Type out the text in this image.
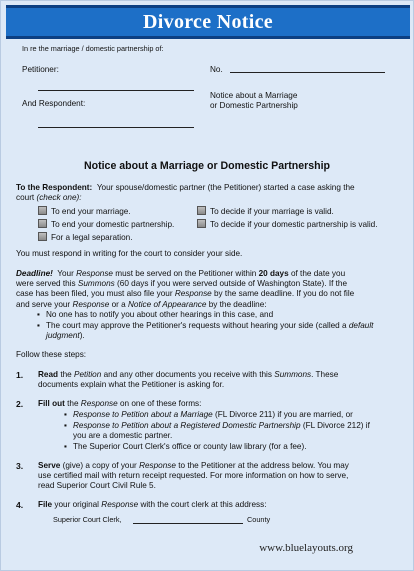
Divorce Notice
In re the marriage / domestic partnership of:
Petitioner:
And Respondent:
No.
Notice about a Marriage
or Domestic Partnership
Notice about a Marriage or Domestic Partnership
To the Respondent: Your spouse/domestic partner (the Petitioner) started a case asking the
court (check one):
To end your marriage.
To end your domestic partnership.
For a legal separation.
To decide if your marriage is valid.
To decide if your domestic partnership is valid.
You must respond in writing for the court to consider your side.
Deadline! Your Response must be served on the Petitioner within 20 days of the date you
were served this Summons (60 days if you were served outside of Washington State). If the
case has been filed, you must also file your Response by the same deadline. If you do not file
and serve your Response or a Notice of Appearance by the deadline:
▪ No one has to notify you about other hearings in this case, and
▪ The court may approve the Petitioner's requests without hearing your side (called a default judgment).
Follow these steps:
1. Read the Petition and any other documents you receive with this Summons. These
documents explain what the Petitioner is asking for.
2. Fill out the Response on one of these forms:
▪ Response to Petition about a Marriage (FL Divorce 211) if you are married, or
▪ Response to Petition about a Registered Domestic Partnership (FL Divorce 212) if
you are a domestic partner.
▪ The Superior Court Clerk's office or county law library (for a fee).
3. Serve (give) a copy of your Response to the Petitioner at the address below. You may
use certified mail with return receipt requested. For more information on how to serve,
read Superior Court Civil Rule 5.
4. File your original Response with the court clerk at this address:
Superior Court Clerk,	County
www.bluelayouts.org
